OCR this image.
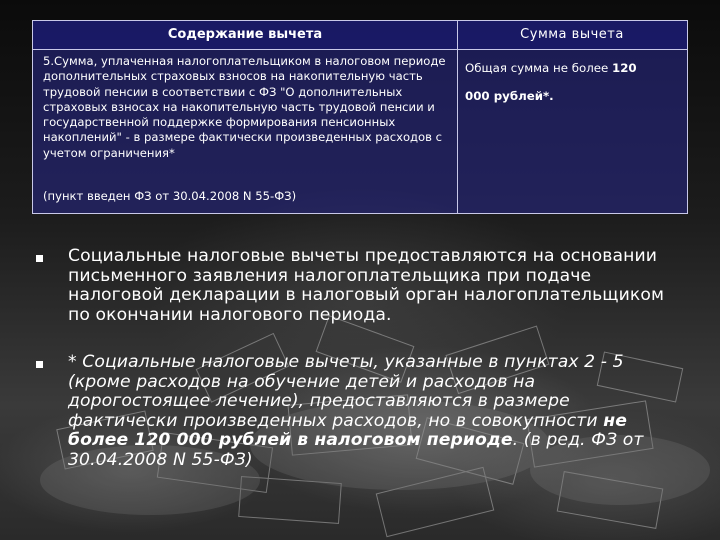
Содержание вычета	Сумма вычета
5.Сумма, уплаченная налогоплательщиком в налоговом периоде дополнительных страховых взносов на накопительную часть трудовой пенсии в соответствии с ФЗ "О дополнительных страховых взносах на накопительную часть трудовой пенсии и государственной поддержке формирования пенсионных накоплений" - в размере фактически произведенных расходов с учетом ограничения*
(пункт введен ФЗ от 30.04.2008 N 55-ФЗ)
Общая сумма не более 120
000 рублей*.
Социальные налоговые вычеты предоставляются на основании письменного заявления налогоплательщика при подаче налоговой декларации в налоговый орган налогоплательщиком по окончании налогового периода.
* Социальные налоговые вычеты, указанные в пунктах 2 - 5 (кроме расходов на обучение детей и расходов на дорогостоящее лечение), предоставляются в размере фактически произведенных расходов, но в совокупности не более 120 000 рублей в налоговом периоде. (в ред. ФЗ от 30.04.2008 N 55-ФЗ)
